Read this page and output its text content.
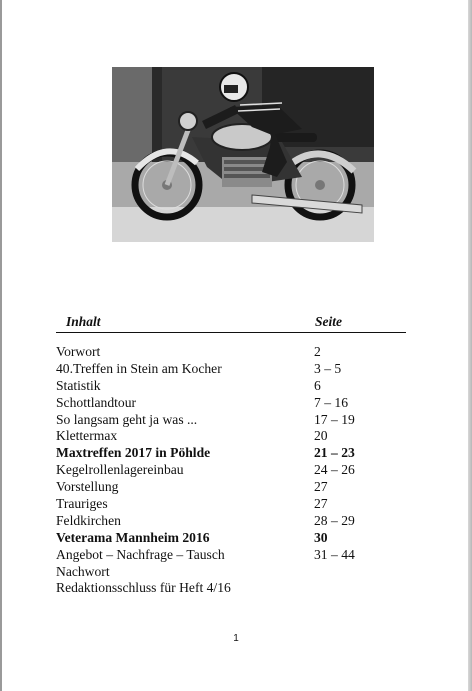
Inhalt	Seite
Vorwort	2
40.Treffen in Stein am Kocher	3 – 5
Statistik	6
Schottlandtour	7 – 16
So langsam geht ja was ...	17 – 19
Klettermax	20
Maxtreffen 2017 in Pöhlde	21 – 23
Kegelrollenlagereinbau	24 – 26
Vorstellung	27
Trauriges	27
Feldkirchen	28 – 29
Veterama Mannheim 2016	30
Angebot – Nachfrage – Tausch	31 – 44
Nachwort
Redaktionsschluss für Heft 4/16
1
